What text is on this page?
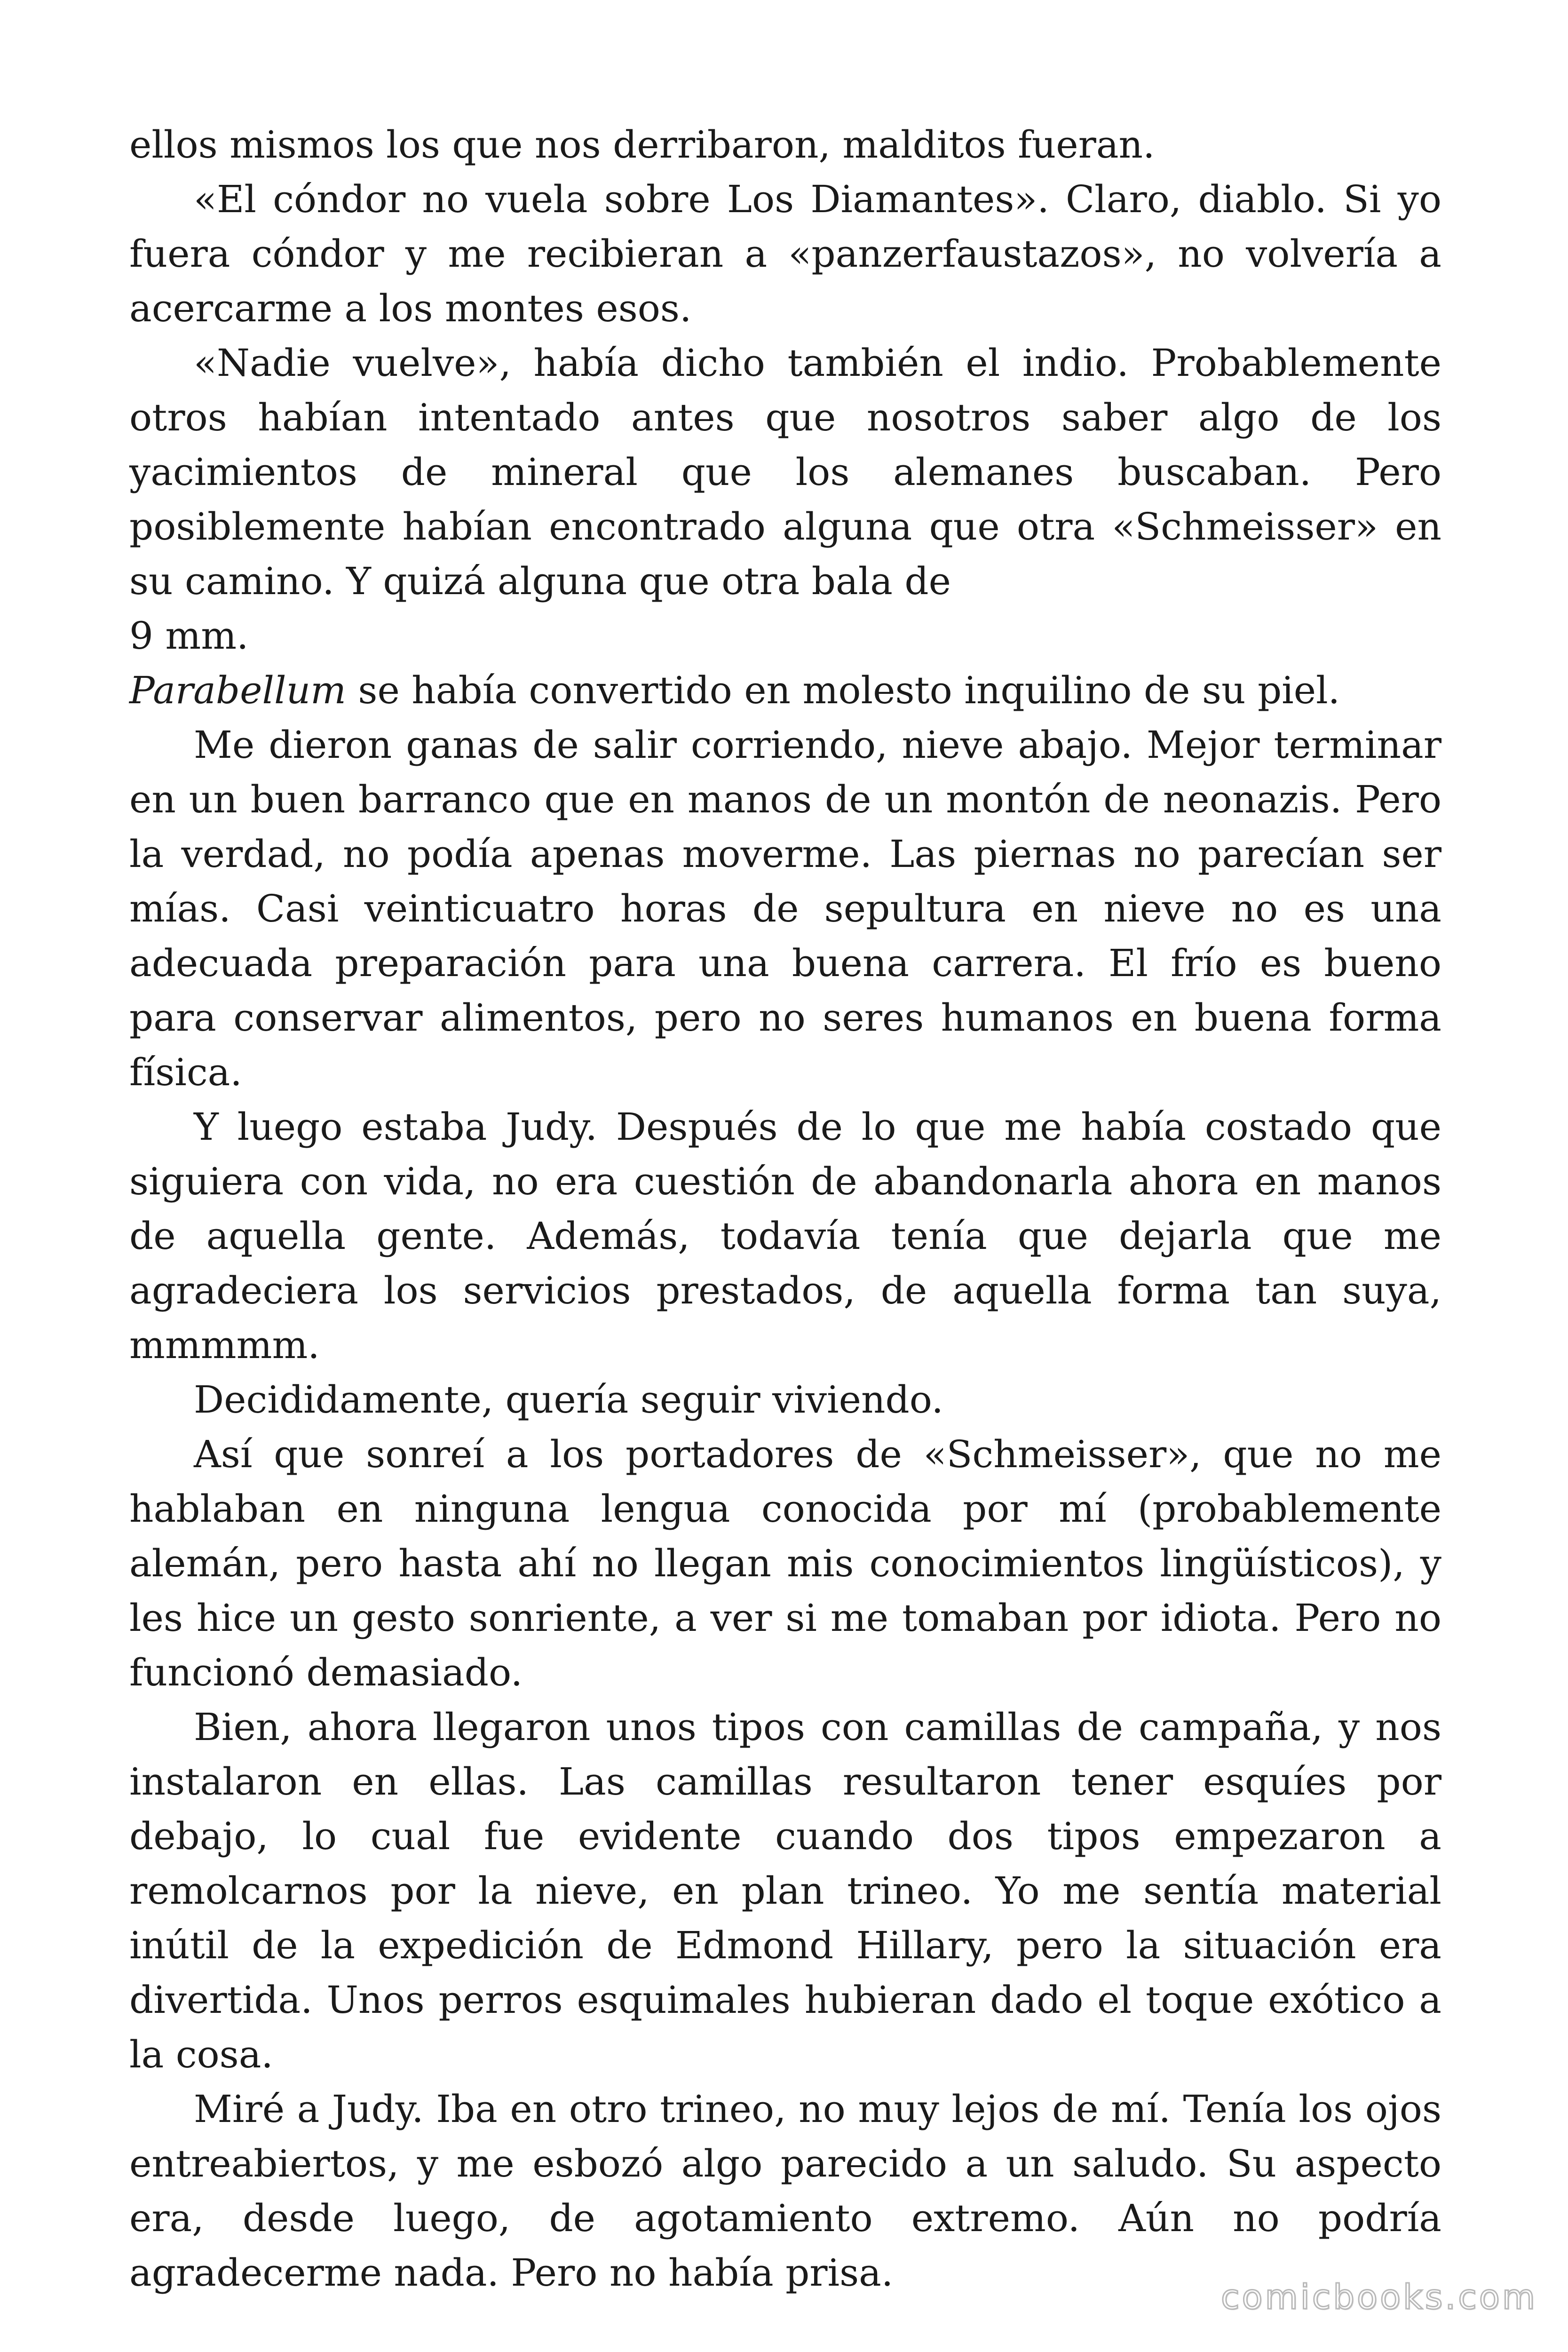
ellos mismos los que nos derribaron, malditos fueran.

«El cóndor no vuela sobre Los Diamantes». Claro, diablo. Si yo fuera cóndor y me recibieran a «panzerfaustazos», no volvería a acercarme a los montes esos.

«Nadie vuelve», había dicho también el indio. Probablemente otros habían intentado antes que nosotros saber algo de los yacimientos de mineral que los alemanes buscaban. Pero posiblemente habían encontrado alguna que otra «Schmeisser» en su camino. Y quizá alguna que otra bala de

9 mm.

Parabellum se había convertido en molesto inquilino de su piel.

Me dieron ganas de salir corriendo, nieve abajo. Mejor terminar en un buen barranco que en manos de un montón de neonazis. Pero la verdad, no podía apenas moverme. Las piernas no parecían ser mías. Casi veinticuatro horas de sepultura en nieve no es una adecuada preparación para una buena carrera. El frío es bueno para conservar alimentos, pero no seres humanos en buena forma física.

Y luego estaba Judy. Después de lo que me había costado que siguiera con vida, no era cuestión de abandonarla ahora en manos de aquella gente. Además, todavía tenía que dejarla que me agradeciera los servicios prestados, de aquella forma tan suya, mmmmm.

Decididamente, quería seguir viviendo.

Así que sonreí a los portadores de «Schmeisser», que no me hablaban en ninguna lengua conocida por mí (probablemente alemán, pero hasta ahí no llegan mis conocimientos lingüísticos), y les hice un gesto sonriente, a ver si me tomaban por idiota. Pero no funcionó demasiado.

Bien, ahora llegaron unos tipos con camillas de campaña, y nos instalaron en ellas. Las camillas resultaron tener esquíes por debajo, lo cual fue evidente cuando dos tipos empezaron a remolcarnos por la nieve, en plan trineo. Yo me sentía material inútil de la expedición de Edmond Hillary, pero la situación era divertida. Unos perros esquimales hubieran dado el toque exótico a la cosa.

Miré a Judy. Iba en otro trineo, no muy lejos de mí. Tenía los ojos entreabiertos, y me esbozó algo parecido a un saludo. Su aspecto era, desde luego, de agotamiento extremo. Aún no podría agradecerme nada. Pero no había prisa.

comicbooks.com
